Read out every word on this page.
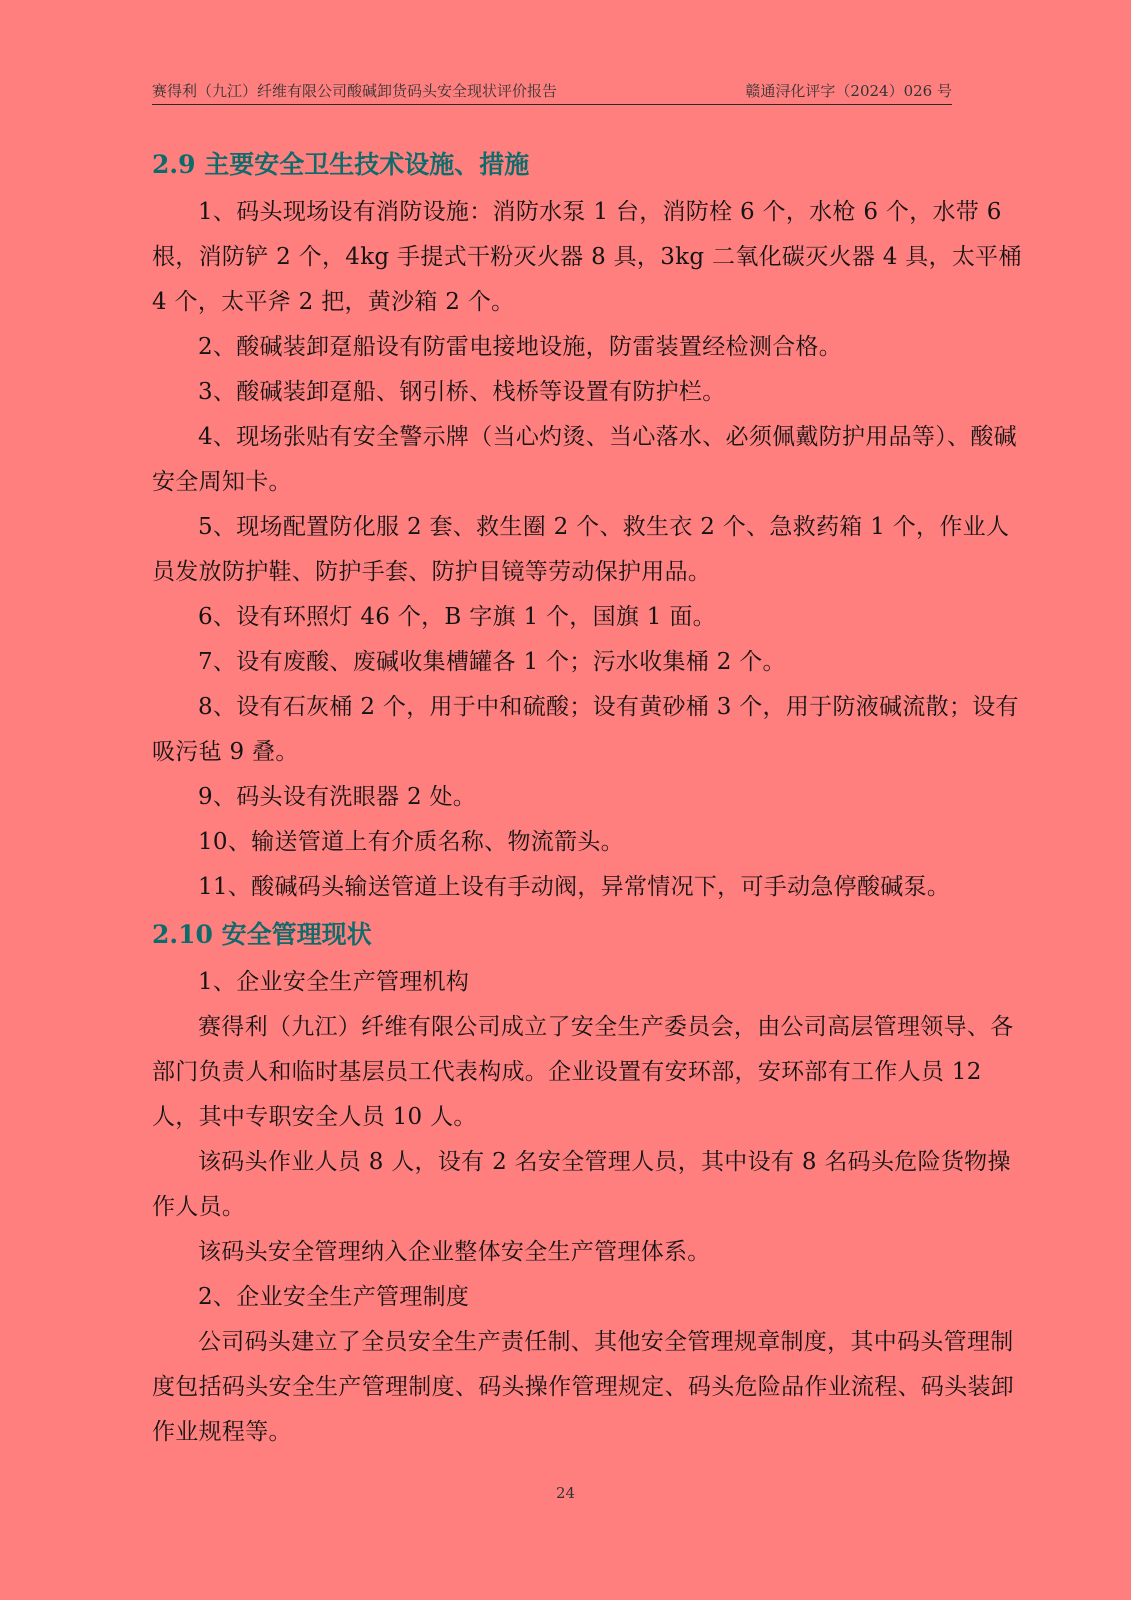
赛得利（九江）纤维有限公司酸碱卸货码头安全现状评价报告	赣通浔化评字（2024）026 号
2.9 主要安全卫生技术设施、措施

1、码头现场设有消防设施：消防水泵 1 台，消防栓 6 个，水枪 6 个，水带 6 根，消防铲 2 个，4kg 手提式干粉灭火器 8 具，3kg 二氧化碳灭火器 4 具，太平桶 4 个，太平斧 2 把，黄沙箱 2 个。

2、酸碱装卸趸船设有防雷电接地设施，防雷装置经检测合格。

3、酸碱装卸趸船、钢引桥、栈桥等设置有防护栏。

4、现场张贴有安全警示牌（当心灼烫、当心落水、必须佩戴防护用品等）、酸碱安全周知卡。

5、现场配置防化服 2 套、救生圈 2 个、救生衣 2 个、急救药箱 1 个，作业人员发放防护鞋、防护手套、防护目镜等劳动保护用品。

6、设有环照灯 46 个，B 字旗 1 个，国旗 1 面。

7、设有废酸、废碱收集槽罐各 1 个；污水收集桶 2 个。

8、设有石灰桶 2 个，用于中和硫酸；设有黄砂桶 3 个，用于防液碱流散；设有吸污毡 9 叠。

9、码头设有洗眼器 2 处。

10、输送管道上有介质名称、物流箭头。

11、酸碱码头输送管道上设有手动阀，异常情况下，可手动急停酸碱泵。

2.10 安全管理现状

1、企业安全生产管理机构

赛得利（九江）纤维有限公司成立了安全生产委员会，由公司高层管理领导、各部门负责人和临时基层员工代表构成。企业设置有安环部，安环部有工作人员 12 人，其中专职安全人员 10 人。

该码头作业人员 8 人，设有 2 名安全管理人员，其中设有 8 名码头危险货物操作人员。

该码头安全管理纳入企业整体安全生产管理体系。

2、企业安全生产管理制度

公司码头建立了全员安全生产责任制、其他安全管理规章制度，其中码头管理制度包括码头安全生产管理制度、码头操作管理规定、码头危险品作业流程、码头装卸作业规程等。

24
